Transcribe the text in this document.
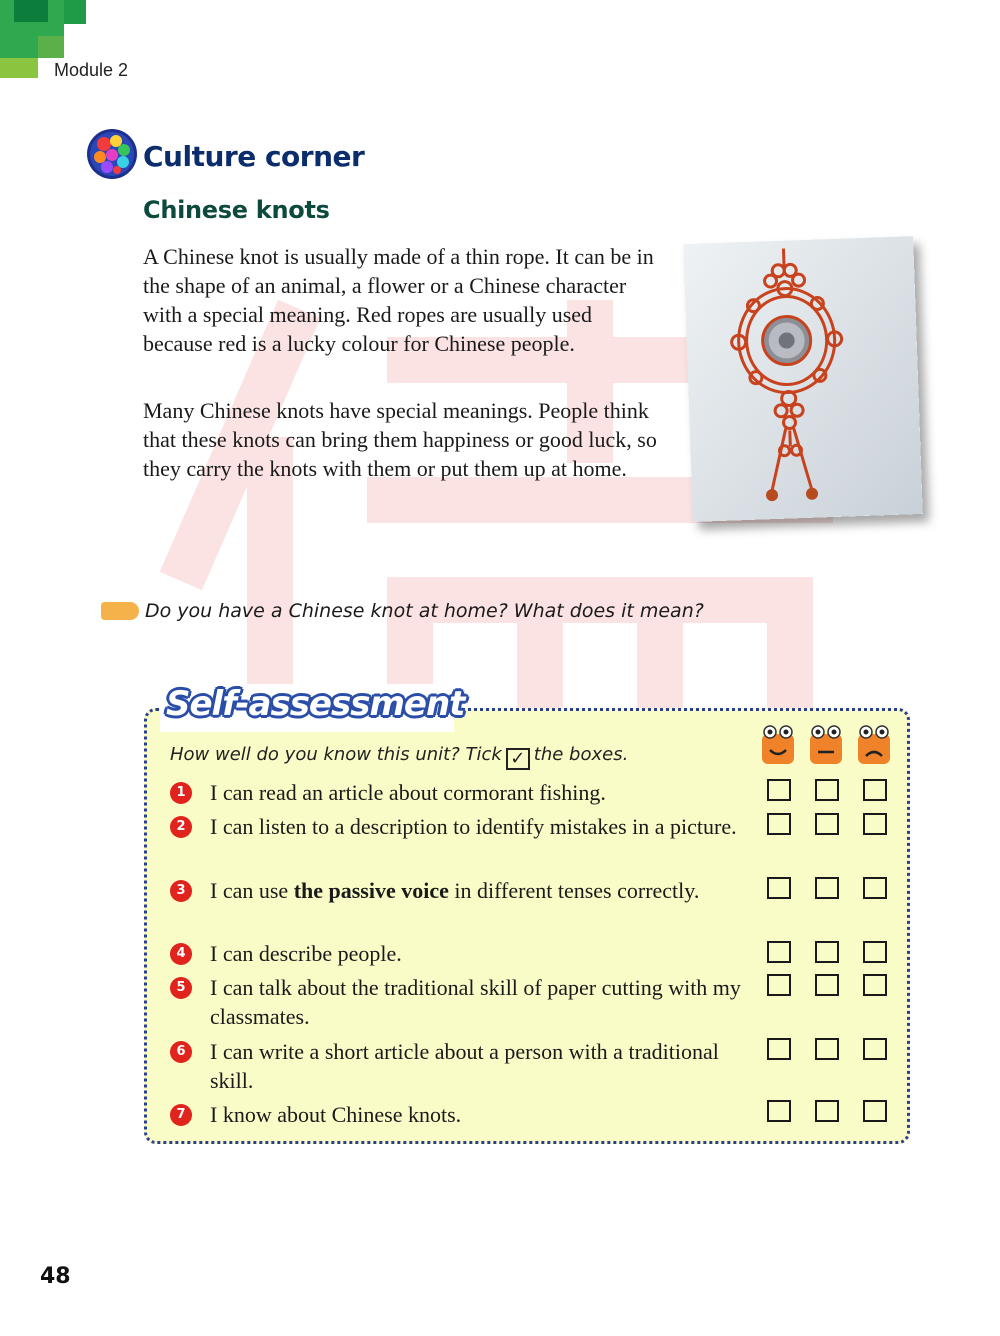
Module 2
Culture corner
Chinese knots

A Chinese knot is usually made of a thin rope. It can be in the shape of an animal, a flower or a Chinese character with a special meaning. Red ropes are usually used because red is a lucky colour for Chinese people.

Many Chinese knots have special meanings. People think that these knots can bring them happiness or good luck, so they carry the knots with them or put them up at home.

Do you have a Chinese knot at home? What does it mean?
Self-assessment
How well do you know this unit? Tick ✓ the boxes.
1 I can read an article about cormorant fishing.
2 I can listen to a description to identify mistakes in a picture.
3 I can use the passive voice in different tenses correctly.
4 I can describe people.
5 I can talk about the traditional skill of paper cutting with my classmates.
6 I can write a short article about a person with a traditional skill.
7 I know about Chinese knots.
48
